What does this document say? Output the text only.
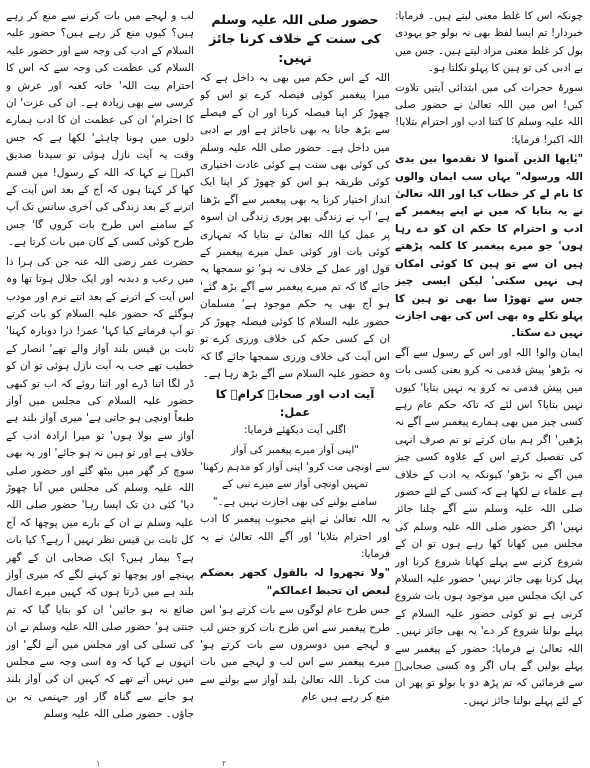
چونکہ اس کا غلط معنی لیتے ہیں۔ فرمایا: خبردار! تم ایسا لفظ بھی نہ بولو جو یہودی بول کر غلط معنی مراد لیتے ہیں۔ جس میں بے ادبی کی تو ہین کا پہلو نکلتا ہو۔

سورۂ حجرات کی میں ابتدائی آیتیں تلاوت کیں! اس میں اللہ تعالیٰ نے حضور صلی اللہ علیہ وسلم کا کتنا ادب اور احترام بتلایا! اللہ اکبر! فرمایا:

"یٰایھا الذین آمنوا لا تقدموا بین یدی اللہ ورسولہ" یہاں سب ایمان والوں کا نام لے کر خطاب کیا اور اللہ تعالیٰ نے یہ بتایا کہ میں نے اپنے پیغمبر کے ادب و احترام کا حکم ان کو دے رہا ہوں' جو میرے پیغمبر کا کلمہ پڑھتے ہیں ان سے تو ہین کا کوئی امکان ہی نہیں سکتی' لیکن ایسی چیز جس سے تھوڑا سا بھی تو ہین کا پہلو نکلے وہ بھی اس کی بھی اجازت نہیں دے سکتا۔

ایمان والو! اللہ اور اس کے رسول سے آگے نہ بڑھو' پیش قدمی نہ کرو یعنی کسی بات میں پیش قدمی نہ کرو یہ نہیں بتایا' کیوں نہیں بتایا؟ اس لئے کہ تاکہ حکم عام رہے کسی چیز میں بھی ہمارے پیغمبر سے آگے نہ بڑھیں' اگر ہم بیان کرتے تو تم صرف انہی کی تفصیل کرتے اس کے علاوہ کسی چیز میں آگے نہ بڑھو' کیونکہ یہ ادب کے خلاف ہے علماء نے لکھا ہے کہ کسی کے لئے حضور صلی اللہ علیہ وسلم سے آگے چلنا جائز نہیں' اگر حضور صلی اللہ علیہ وسلم کی مجلس میں کھانا کھا رہے ہوں تو ان کے شروع کرنے سے پہلے کھانا شروع کرنا اور پہل کرنا بھی جائز نہیں' حضور علیہ السلام کی ایک مجلس میں موجود ہوں بات شروع کرنی ہے تو کوئی حضور علیہ السلام کے پہلے بولنا شروع کر دے' یہ بھی جائز نہیں۔ اللہ تعالیٰ نے فرمایا: حضور کے پیغمبر سے پہلے بولیں گے ہاں اگر وہ کسی صحابیؓ سے فرمائیں کہ تم پڑھ دو یا بولو تو پھر ان کے لئے پہلے بولنا جائز نہیں۔

حضور صلی اللہ علیہ وسلم کی سنت کے خلاف کرنا جائز نہیں:

اللہ کے اس حکم میں بھی یہ داخل ہے کہ میرا پیغمبر کوئی فیصلہ کرے تو اس کو چھوڑ کر اپنا فیصلہ کرنا اور ان کے فیصلے سے بڑھ جانا یہ بھی ناجائز ہے اور بے ادبی میں داخل ہے۔ حضور صلی اللہ علیہ وسلم کی کوئی بھی سنت ہے کوئی عادت اختیاری کوئی طریقہ ہو اس کو چھوڑ کر اپنا ایک انداز اختیار کرنا یہ بھی پیغمبر سے آگے بڑھنا ہے' آپ نے زندگی بھر پوری زندگی ان اسوہ پر عمل کیا اللہ تعالیٰ نے بتایا کہ تمہاری کوئی بات اور کوئی عمل میرے پیغمبر کے قول اور عمل کے خلاف نہ ہو' تو سمجھا یہ جائے گا کہ تم میرے پیغمبر سے آگے بڑھ گئے' ہو آج بھی یہ حکم موجود ہے' مسلمان حضور علیہ السلام کا کوئی فیصلہ چھوڑ کر ان کے کسی حکم کی خلاف ورزی کرے تو اس آیت کی خلاف ورزی سمجھا جائے گا کہ وہ حضور علیہ السلام سے آگے بڑھ رہا ہے۔

آیت ادب اور صحابہ کرامؓ کا عمل:

اگلی آیت دیکھئے فرمایا:

"اپنی آواز میرے پیغمبر کی آواز
سے اونچی مت کرو' اپنی آواز کو مدہم رکھنا'
تمہیں اونچی آواز سے میرے نبی کے
سامنے بولنے کی بھی اجازت نہیں ہے۔"

یہ اللہ تعالیٰ نے اپنے محبوب پیغمبر کا ادب اور احترام بتلایا' اور آگے اللہ تعالیٰ نے یہ فرمایا:

"ولا تجھروا لہ بالقول کجھر بعضکم لبعض ان تحبط اعمالکم"

جس طرح عام لوگوں سے بات کرتے ہو' اس طرح پیغمبر سے اس طرح بات کرو جس لب و لہجے میں دوسروں سے بات کرتے ہو' میرے پیغمبر سے اس لب و لہجے میں بات مت کرنا۔ اللہ تعالیٰ بلند آواز سے بولنے سے منع کر رہے ہیں عام

لب و لہجے میں بات کرنے سے منع کر رہے ہیں؟ کیوں منع کر رہے ہیں؟ حضور علیہ السلام کے ادب کی وجہ سے اور حضور علیہ السلام کی عظمت کی وجہ سے کہ اس کا احترام بیت اللہ' خانہ کعبہ اور عرش و کرسی سے بھی زیادہ ہے۔ ان کی عزت' ان کا احترام' ان کی عظمت ان کا ادب ہمارے دلوں میں ہونا چاہئے' لکھا ہے کہ جس وقت یہ آیت نازل ہوئی تو سیدنا صدیق اکبرؓ نے کہا کہ اللہ کے رسول! میں قسم کھا کر کہتا ہوں کہ آج کے بعد اس آیت کے اترنے کے بعد زندگی کی آخری سانس تک آپ کے سامنے اس طرح بات کروں گا' جس طرح کوئی کسی کے کان میں بات کرتا ہے۔

حضرت عمر رضی اللہ عنہ جن کی ہرا دا میں رعب و دبدبہ اور ایک جلال ہوتا تھا وہ اس آیت کے اترنے کے بعد اتنے نرم اور مودب ہوگئے کہ حضور علیہ السلام کو بات کرتے تو آپ فرماتے کیا کہا' عمر! ذرا دوبارہ کہنا' ثابت بن قیس بلند آواز والے تھے' انصار کے خطیب تھے جب یہ آیت نازل ہوئی تو ان کو ڈر لگا اتنا ڈرے اور اتنا روئے کہ اب تو کبھی حضور علیہ السلام کی مجلس میں آواز طبعاً اونچی ہو جاتی ہے' میری آواز بلند ہے آواز سے بولا ہوں' تو میرا ارادہ ادب کے خلاف ہے اور تو ہین نہ ہو جائے' اور یہ بھی سوچ کر گھر میں بیٹھ گئے اور حضور صلی اللہ علیہ وسلم کی مجلس میں آنا چھوڑ دیا' کئی دن تک ایسا رہا' حضور صلی اللہ علیہ وسلم نے ان کے بارے میں پوچھا کہ آج کل ثابت بن قیس نظر نہیں آ رہے؟ کیا بات ہے؟ بیمار ہیں؟ ایک صحابی ان کے گھر پہنچے اور پوچھا تو کہنے لگے کہ میری آواز بلند ہے میں ڈرتا ہوں کہ کہیں میرے اعمال ضائع نہ ہو جائیں' ان کو بتایا گیا کہ تم جنتی ہو' حضور صلی اللہ علیہ وسلم نے ان کی تسلی کی اور مجلس میں آنے لگے' اور انہوں نے کہا کہ وہ اسی وجہ سے مجلس میں نہیں آتے تھے کہ کہیں ان کی آواز بلند ہو جانے سے گناہ گار اور جہنمی نہ بن جاؤں۔ حضور صلی اللہ علیہ وسلم

۱	۲
